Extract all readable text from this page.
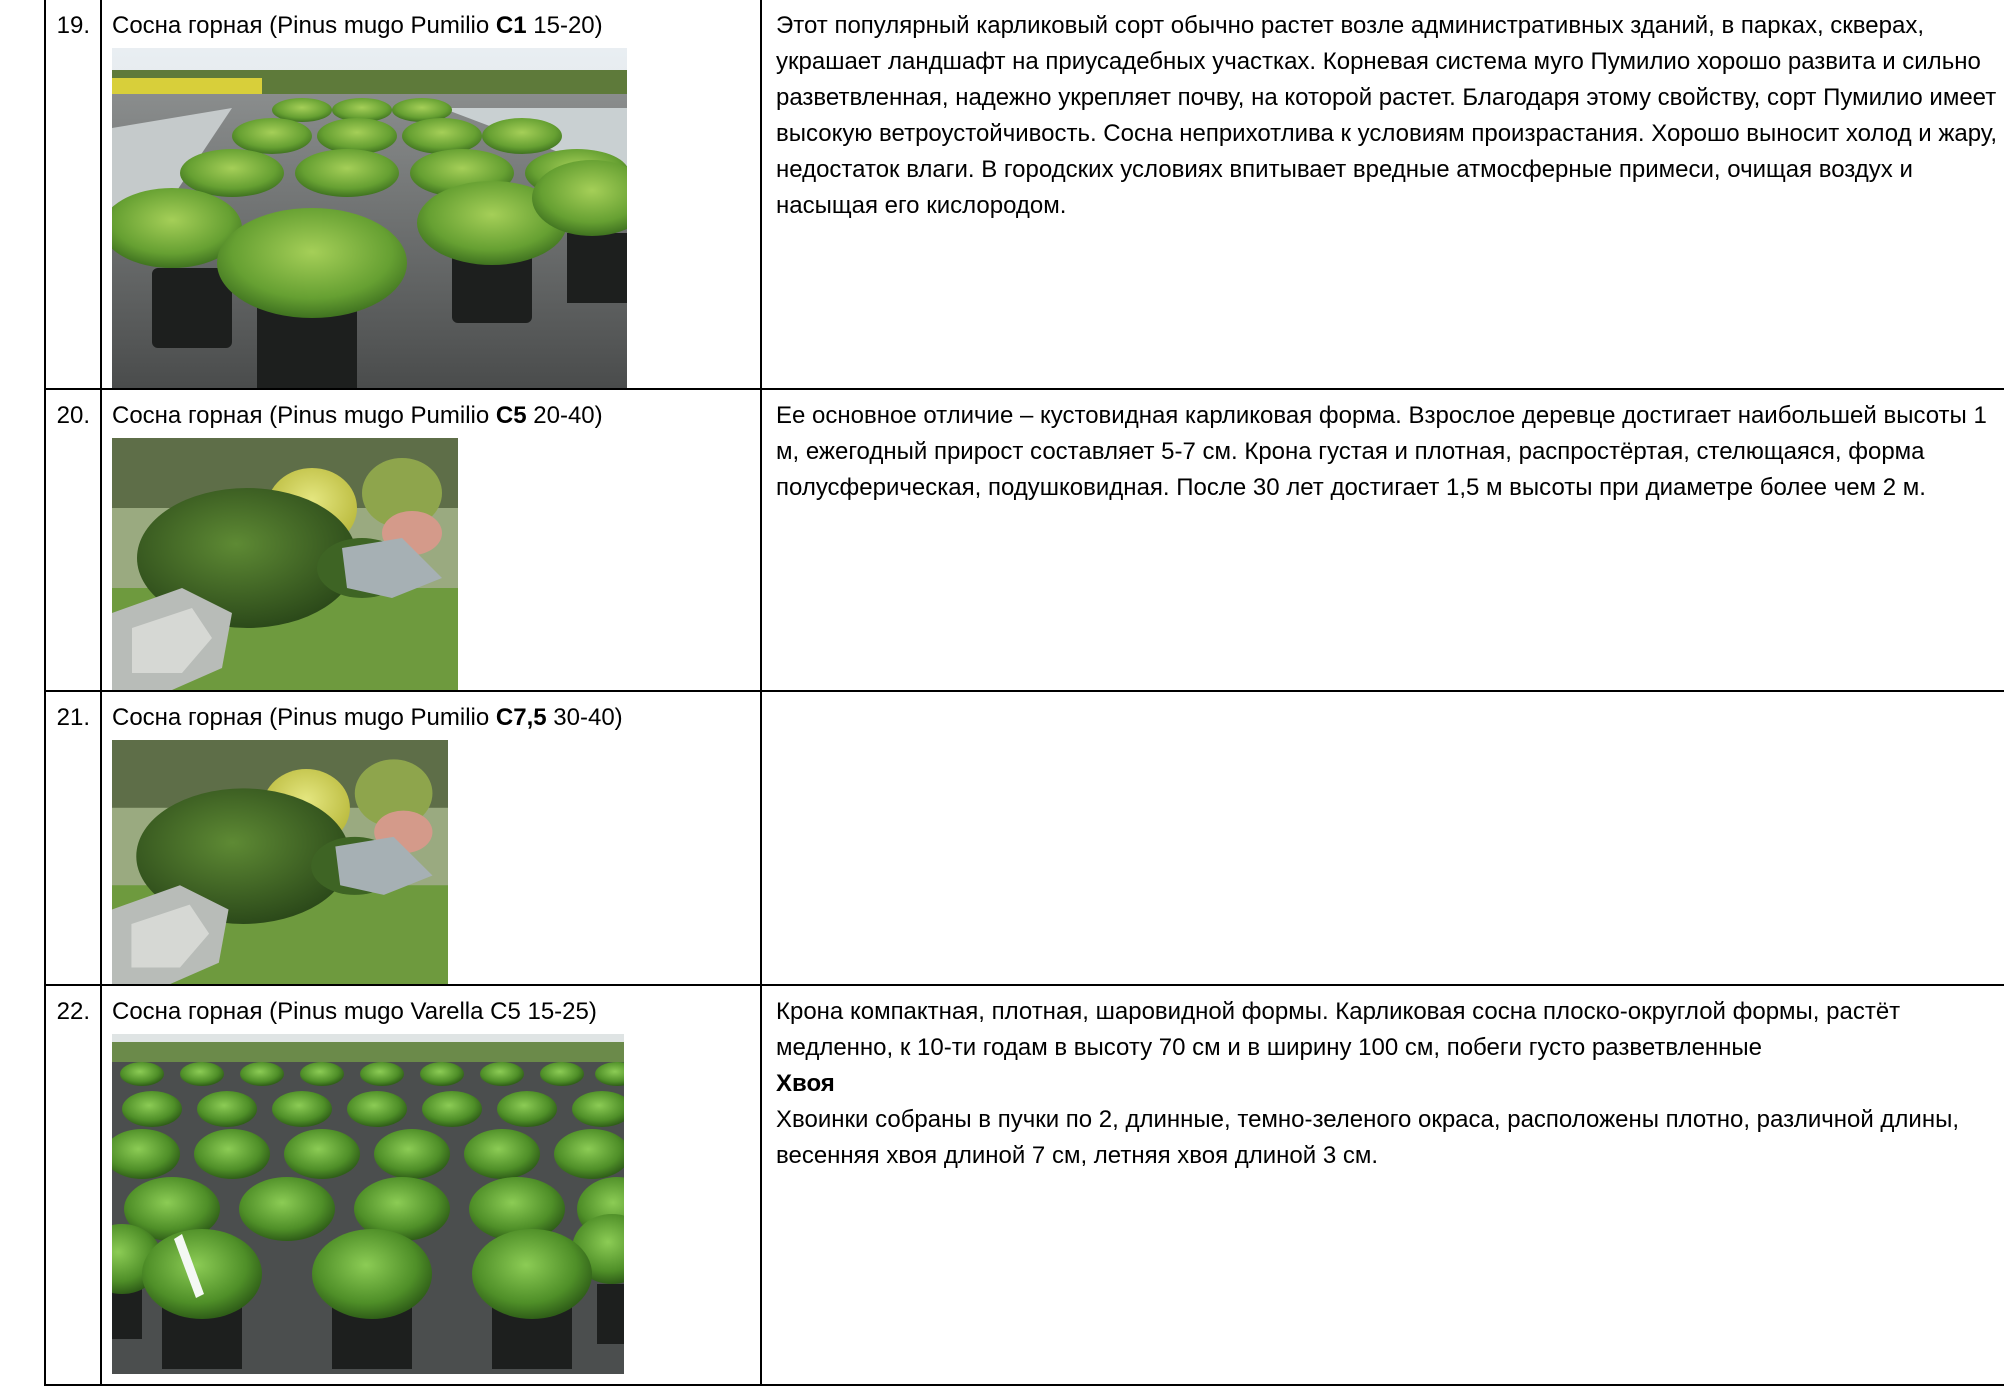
19.	Сосна горная (Pinus mugo Pumilio C1 15-20)	Этот популярный карликовый сорт обычно растет возле административных зданий, в парках, скверах, украшает ландшафт на приусадебных участках. Корневая система муго Пумилио хорошо развита и сильно разветвленная, надежно укрепляет почву, на которой растет. Благодаря этому свойству, сорт Пумилио имеет высокую ветроустойчивость. Сосна неприхотлива к условиям произрастания. Хорошо выносит холод и жару, недостаток влаги. В городских условиях впитывает вредные атмосферные примеси, очищая воздух и насыщая его кислородом.

20.	Сосна горная (Pinus mugo Pumilio C5 20-40)	Ее основное отличие – кустовидная карликовая форма. Взрослое деревце достигает наибольшей высоты 1 м, ежегодный прирост составляет 5-7 см. Крона густая и плотная, распростёртая, стелющаяся, форма полусферическая, подушковидная. После 30 лет достигает 1,5 м высоты при диаметре более чем 2 м.

21.	Сосна горная (Pinus mugo Pumilio C7,5 30-40)	

22.	Сосна горная (Pinus mugo Varella C5 15-25)	Крона компактная, плотная, шаровидной формы. Карликовая сосна плоско-округлой формы, растёт медленно, к 10-ти годам в высоту 70 см и в ширину 100 см, побеги густо разветвленные

Хвоя

Хвоинки собраны в пучки по 2, длинные, темно-зеленого окраса, расположены плотно, различной длины, весенняя хвоя длиной 7 см, летняя хвоя длиной 3 см.
